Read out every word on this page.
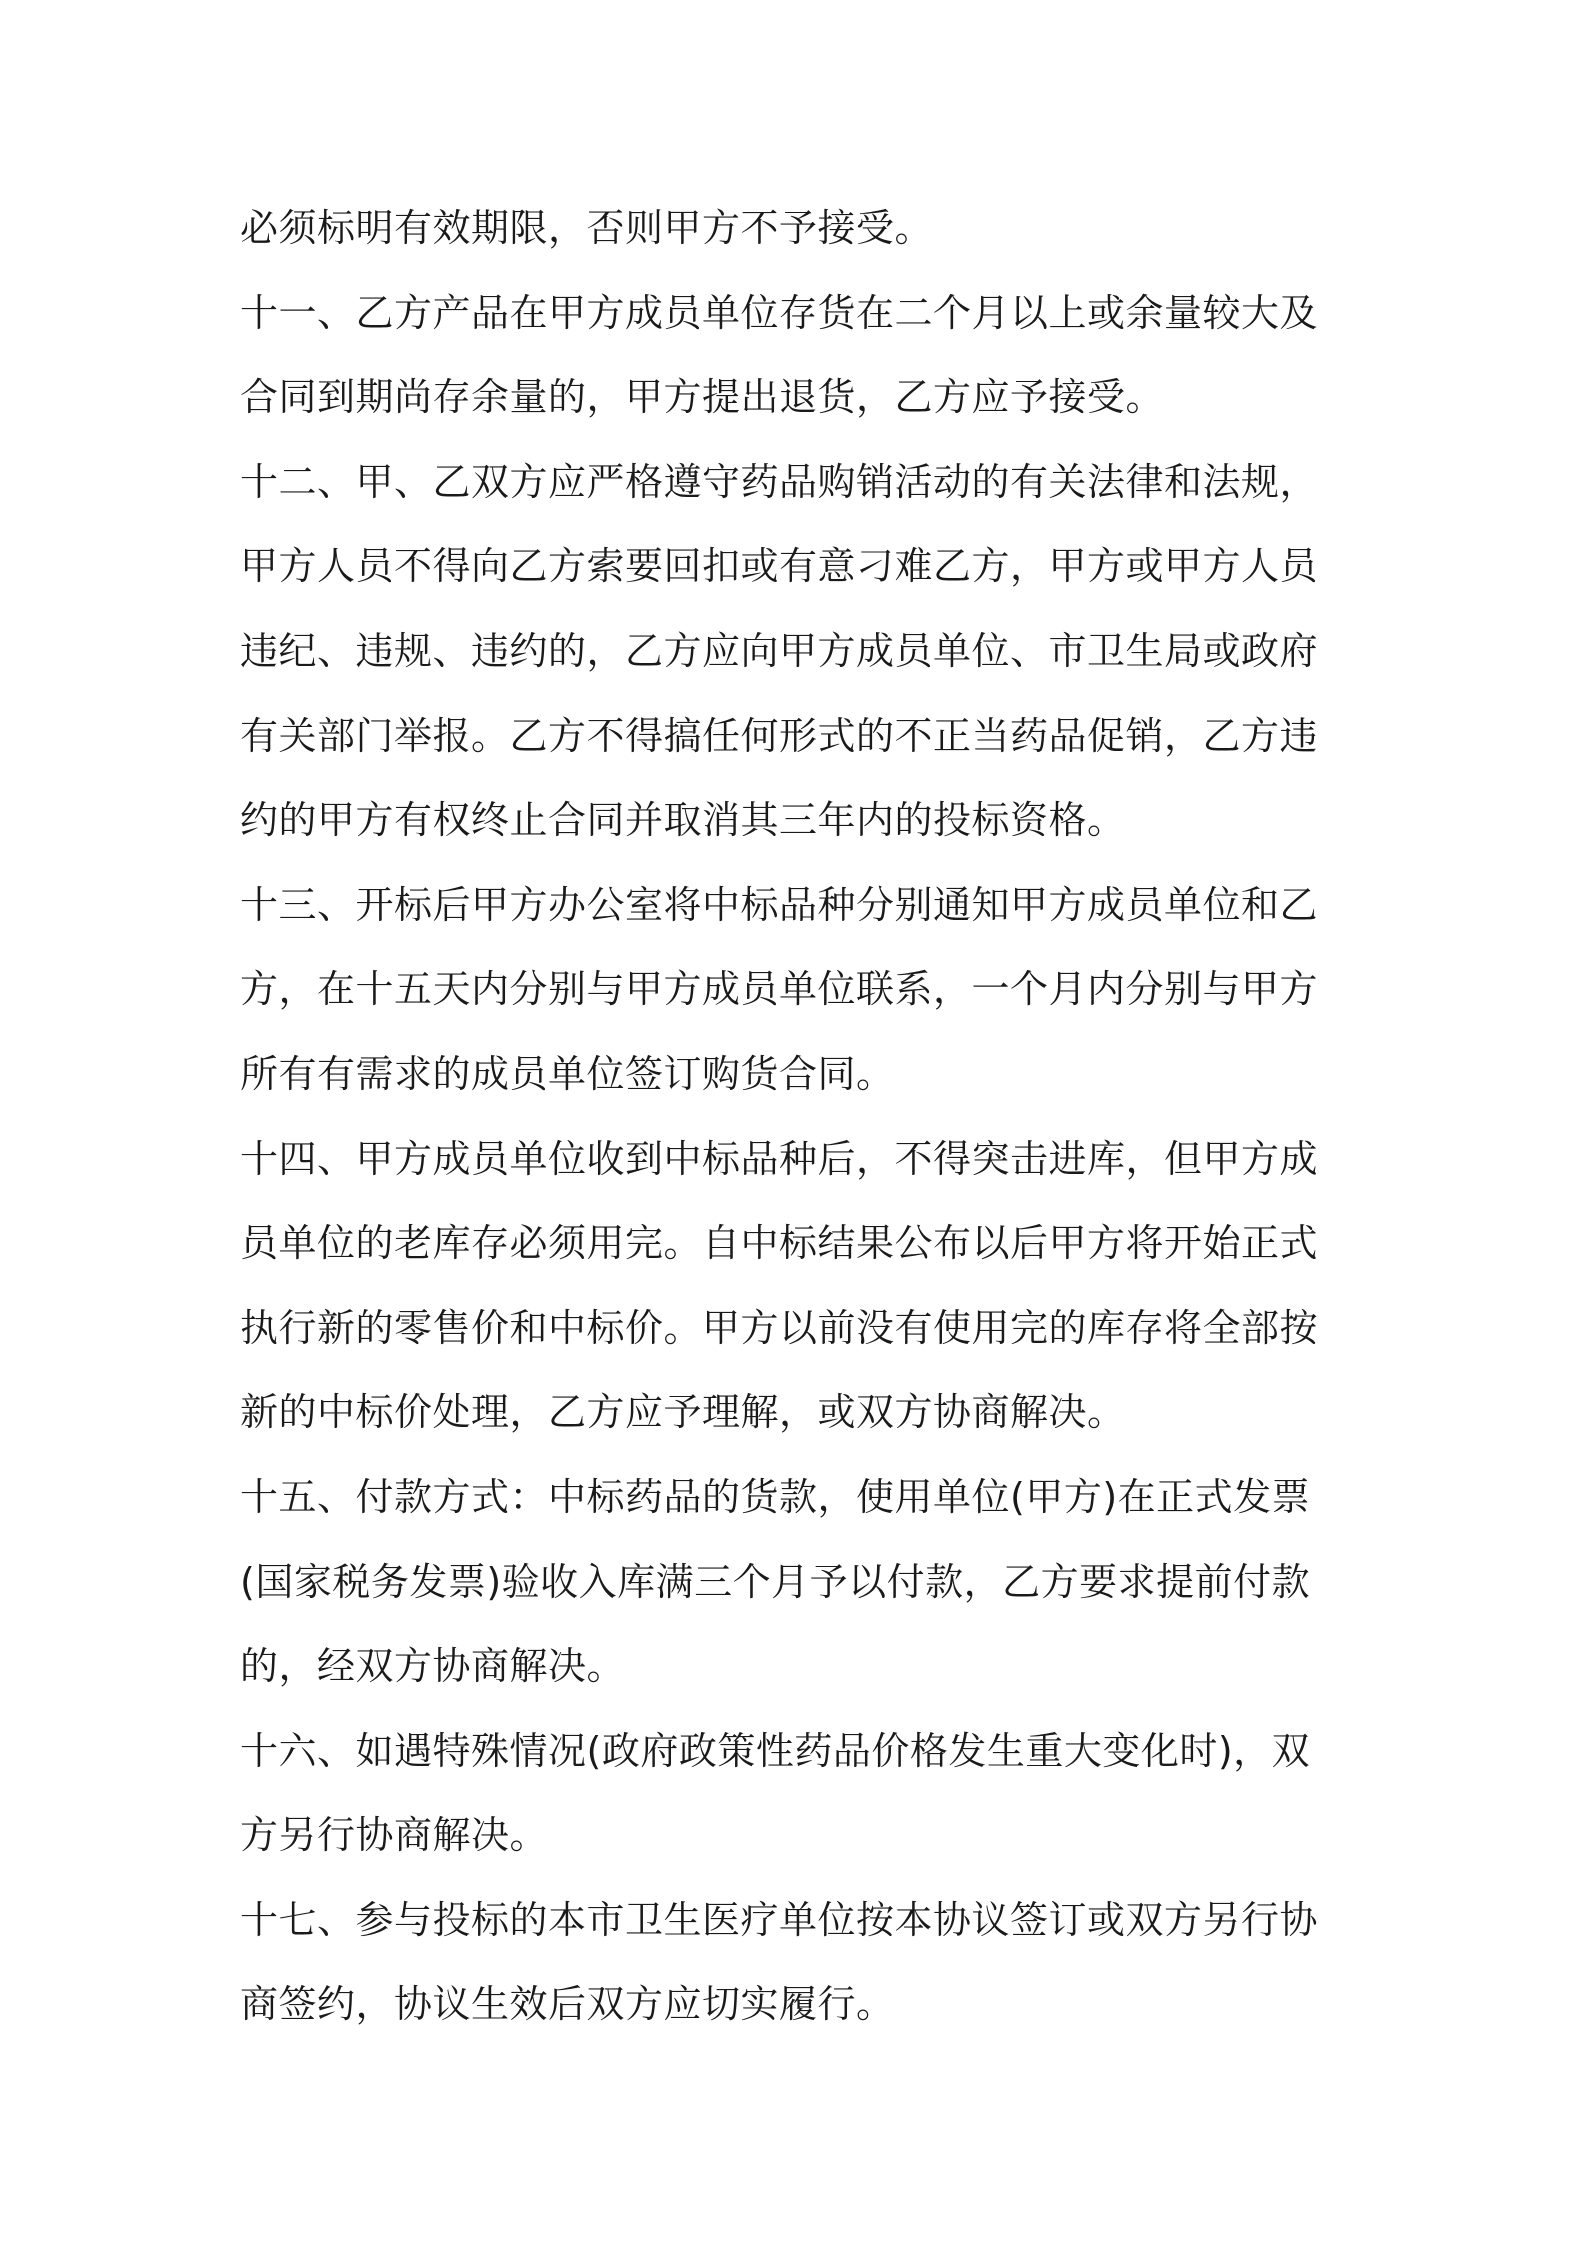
必须标明有效期限，否则甲方不予接受。
十一、乙方产品在甲方成员单位存货在二个月以上或余量较大及
合同到期尚存余量的，甲方提出退货，乙方应予接受。
十二、甲、乙双方应严格遵守药品购销活动的有关法律和法规，
甲方人员不得向乙方索要回扣或有意刁难乙方，甲方或甲方人员
违纪、违规、违约的，乙方应向甲方成员单位、市卫生局或政府
有关部门举报。乙方不得搞任何形式的不正当药品促销，乙方违
约的甲方有权终止合同并取消其三年内的投标资格。
十三、开标后甲方办公室将中标品种分别通知甲方成员单位和乙
方，在十五天内分别与甲方成员单位联系，一个月内分别与甲方
所有有需求的成员单位签订购货合同。
十四、甲方成员单位收到中标品种后，不得突击进库，但甲方成
员单位的老库存必须用完。自中标结果公布以后甲方将开始正式
执行新的零售价和中标价。甲方以前没有使用完的库存将全部按
新的中标价处理，乙方应予理解，或双方协商解决。
十五、付款方式：中标药品的货款，使用单位(甲方)在正式发票
(国家税务发票)验收入库满三个月予以付款，乙方要求提前付款
的，经双方协商解决。
十六、如遇特殊情况(政府政策性药品价格发生重大变化时)，双
方另行协商解决。
十七、参与投标的本市卫生医疗单位按本协议签订或双方另行协
商签约，协议生效后双方应切实履行。
